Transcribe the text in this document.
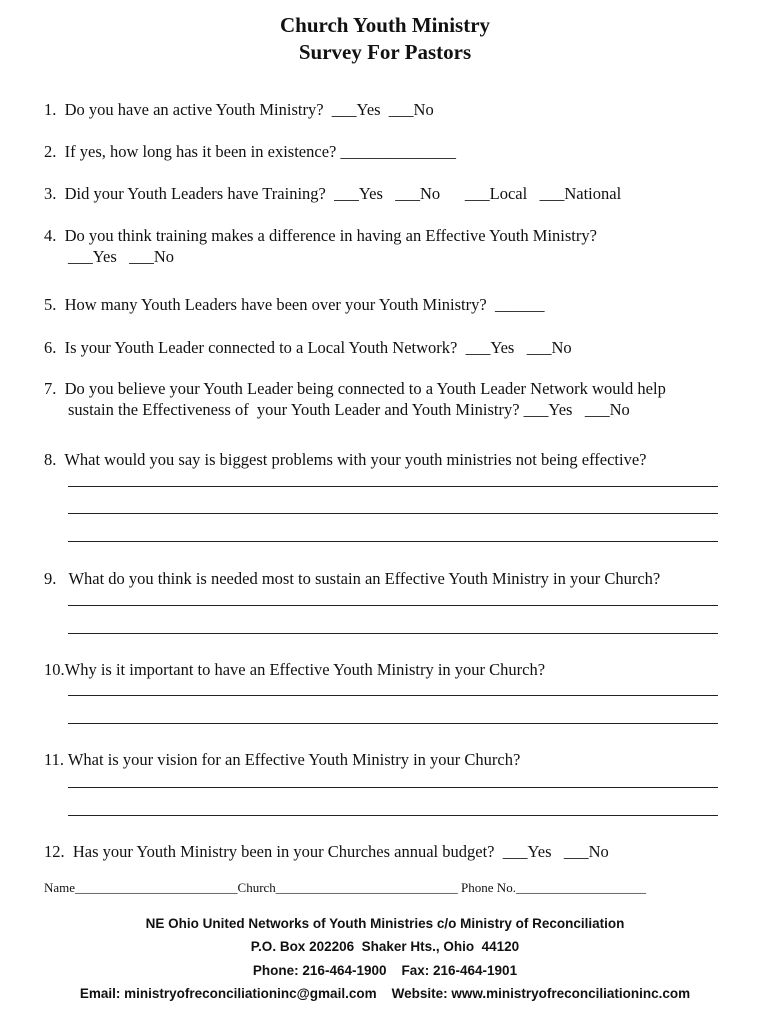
Church Youth Ministry
Survey For Pastors
1.  Do you have an active Youth Ministry?  ___Yes  ___No
2.  If yes, how long has it been in existence? ______________
3.  Did your Youth Leaders have Training?  ___Yes   ___No      ___Local   ___National
4.  Do you think training makes a difference in having an Effective Youth Ministry?
___Yes   ___No
5.  How many Youth Leaders have been over your Youth Ministry?  ______
6.  Is your Youth Leader connected to a Local Youth Network?  ___Yes   ___No
7.  Do you believe your Youth Leader being connected to a Youth Leader Network would help
sustain the Effectiveness of  your Youth Leader and Youth Ministry? ___Yes   ___No
8.  What would you say is biggest problems with your youth ministries not being effective?
9.   What do you think is needed most to sustain an Effective Youth Ministry in your Church?
10.Why is it important to have an Effective Youth Ministry in your Church?
11. What is your vision for an Effective Youth Ministry in your Church?
12.  Has your Youth Ministry been in your Churches annual budget?  ___Yes   ___No
Name_________________________Church____________________________ Phone No.____________________
NE Ohio United Networks of Youth Ministries c/o Ministry of Reconciliation
P.O. Box 202206  Shaker Hts., Ohio  44120
Phone: 216-464-1900    Fax: 216-464-1901
Email: ministryofreconciliationinc@gmail.com    Website: www.ministryofreconciliationinc.com
